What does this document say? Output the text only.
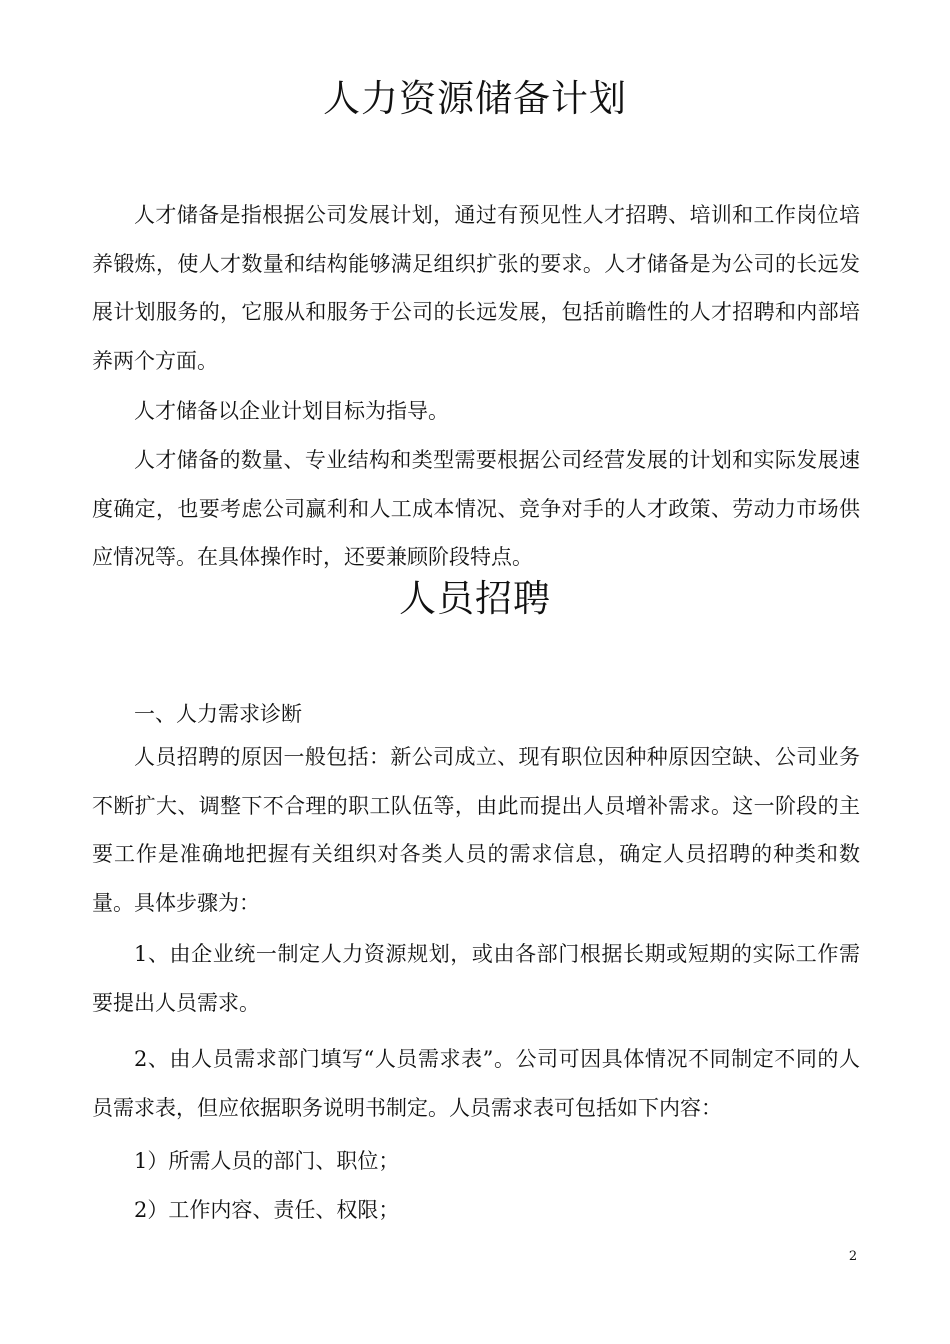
人力资源储备计划

人才储备是指根据公司发展计划，通过有预见性人才招聘、培训和工作岗位培养锻炼，使人才数量和结构能够满足组织扩张的要求。人才储备是为公司的长远发展计划服务的，它服从和服务于公司的长远发展，包括前瞻性的人才招聘和内部培养两个方面。

人才储备以企业计划目标为指导。

人才储备的数量、专业结构和类型需要根据公司经营发展的计划和实际发展速度确定，也要考虑公司赢利和人工成本情况、竞争对手的人才政策、劳动力市场供应情况等。在具体操作时，还要兼顾阶段特点。

人员招聘

一、人力需求诊断

人员招聘的原因一般包括：新公司成立、现有职位因种种原因空缺、公司业务不断扩大、调整下不合理的职工队伍等，由此而提出人员增补需求。这一阶段的主要工作是准确地把握有关组织对各类人员的需求信息，确定人员招聘的种类和数量。具体步骤为：

1、由企业统一制定人力资源规划，或由各部门根据长期或短期的实际工作需要提出人员需求。

2、由人员需求部门填写“人员需求表”。公司可因具体情况不同制定不同的人员需求表，但应依据职务说明书制定。人员需求表可包括如下内容：

1）所需人员的部门、职位；

2）工作内容、责任、权限；

2
